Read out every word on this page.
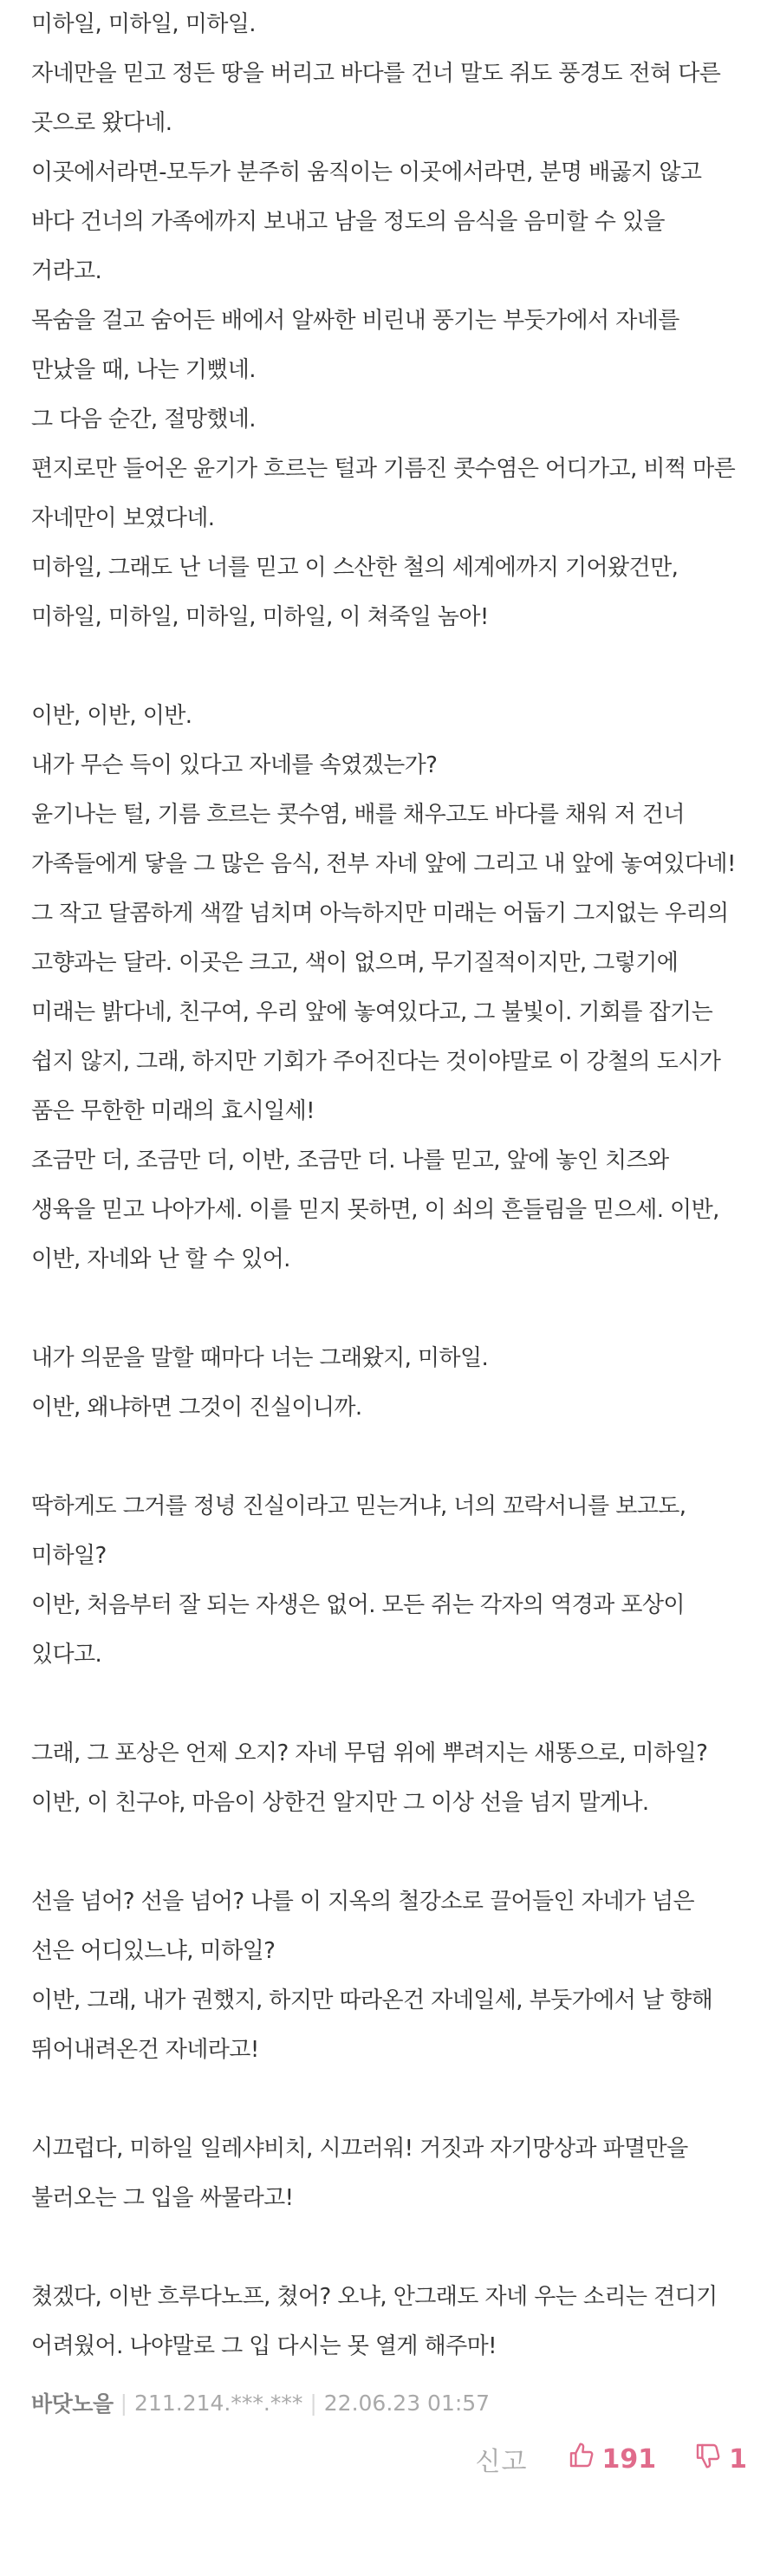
미하일, 미하일, 미하일.

자네만을 믿고 정든 땅을 버리고 바다를 건너 말도 쥐도 풍경도 전혀 다른 곳으로 왔다네.

이곳에서라면-모두가 분주히 움직이는 이곳에서라면, 분명 배곯지 않고 바다 건너의 가족에까지 보내고 남을 정도의 음식을 음미할 수 있을 거라고.

목숨을 걸고 숨어든 배에서 알싸한 비린내 풍기는 부둣가에서 자네를 만났을 때, 나는 기뻤네.

그 다음 순간, 절망했네.

편지로만 들어온 윤기가 흐르는 털과 기름진 콧수염은 어디가고, 비쩍 마른 자네만이 보였다네.

미하일, 그래도 난 너를 믿고 이 스산한 철의 세계에까지 기어왔건만, 미하일, 미하일, 미하일, 미하일, 이 쳐죽일 놈아!

이반, 이반, 이반.

내가 무슨 득이 있다고 자네를 속였겠는가?

윤기나는 털, 기름 흐르는 콧수염, 배를 채우고도 바다를 채워 저 건너 가족들에게 닿을 그 많은 음식, 전부 자네 앞에 그리고 내 앞에 놓여있다네!

그 작고 달콤하게 색깔 넘치며 아늑하지만 미래는 어둡기 그지없는 우리의 고향과는 달라. 이곳은 크고, 색이 없으며, 무기질적이지만, 그렇기에 미래는 밝다네, 친구여, 우리 앞에 놓여있다고, 그 불빛이. 기회를 잡기는 쉽지 않지, 그래, 하지만 기회가 주어진다는 것이야말로 이 강철의 도시가 품은 무한한 미래의 효시일세!

조금만 더, 조금만 더, 이반, 조금만 더. 나를 믿고, 앞에 놓인 치즈와 생육을 믿고 나아가세. 이를 믿지 못하면, 이 쇠의 흔들림을 믿으세. 이반, 이반, 자네와 난 할 수 있어.

내가 의문을 말할 때마다 너는 그래왔지, 미하일.

이반, 왜냐하면 그것이 진실이니까.

딱하게도 그거를 정녕 진실이라고 믿는거냐, 너의 꼬락서니를 보고도, 미하일?

이반, 처음부터 잘 되는 자생은 없어. 모든 쥐는 각자의 역경과 포상이 있다고.

그래, 그 포상은 언제 오지? 자네 무덤 위에 뿌려지는 새똥으로, 미하일?

이반, 이 친구야, 마음이 상한건 알지만 그 이상 선을 넘지 말게나.

선을 넘어? 선을 넘어? 나를 이 지옥의 철강소로 끌어들인 자네가 넘은 선은 어디있느냐, 미하일?

이반, 그래, 내가 권했지, 하지만 따라온건 자네일세, 부둣가에서 날 향해 뛰어내려온건 자네라고!

시끄럽다, 미하일 일레샤비치, 시끄러워! 거짓과 자기망상과 파멸만을 불러오는 그 입을 싸물라고!

쳤겠다, 이반 흐루다노프, 쳤어? 오냐, 안그래도 자네 우는 소리는 견디기 어려웠어. 나야말로 그 입 다시는 못 열게 해주마!

바닷노을 | 211.214.***.*** | 22.06.23 01:57
신고	191	1
